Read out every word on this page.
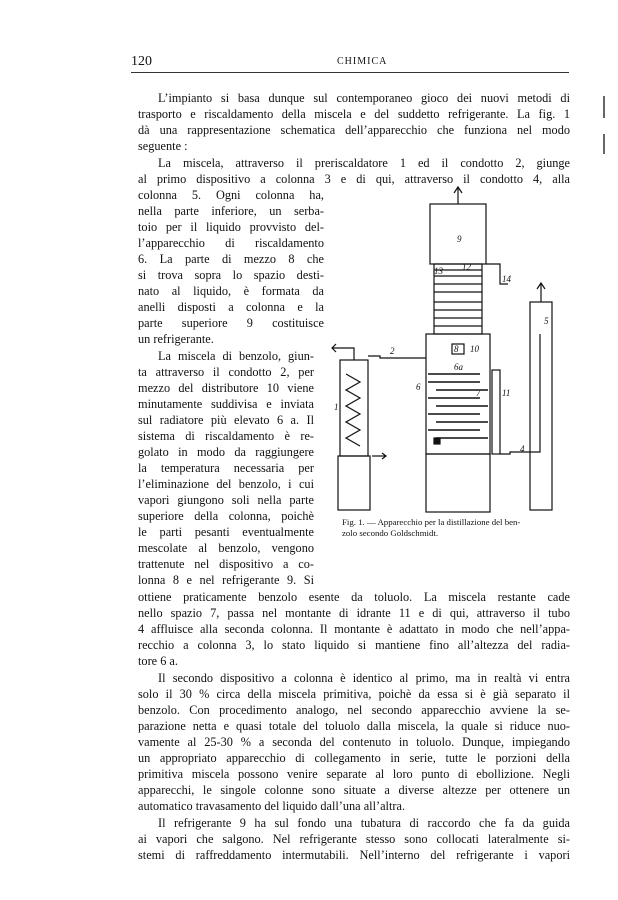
120	CHIMICA
L’impianto si basa dunque sul contemporaneo gioco dei nuovi metodi di
trasporto e riscaldamento della miscela e del suddetto refrigerante. La fig. 1
dà una rappresentazione schematica dell’apparecchio che funziona nel modo
seguente :
La miscela, attraverso il preriscaldatore 1 ed il condotto 2, giunge
al primo dispositivo a colonna 3 e di qui, attraverso il condotto 4, alla
colonna 5. Ogni colonna ha,
nella parte inferiore, un serba-
toio per il liquido provvisto del-
l’apparecchio di riscaldamento
6. La parte di mezzo 8 che
si trova sopra lo spazio desti-
nato al liquido, è formata da
anelli disposti a colonna e la
parte superiore 9 costituisce
un refrigerante.
La miscela di benzolo, giun-
ta attraverso il condotto 2, per
mezzo del distributore 10 viene
minutamente suddivisa e inviata
sul radiatore più elevato 6 a. Il
sistema di riscaldamento è re-
golato in modo da raggiungere
la temperatura necessaria per
l’eliminazione del benzolo, i cui
vapori giungono soli nella parte
superiore della colonna, poichè
le parti pesanti eventualmente
mescolate al benzolo, vengono
trattenute nel dispositivo a co-
lonna 8 e nel refrigerante 9. Si
ottiene praticamente benzolo esente da toluolo. La miscela restante cade
nello spazio 7, passa nel montante di idrante 11 e di qui, attraverso il tubo
4 affluisce alla seconda colonna. Il montante è adattato in modo che nell’appa-
recchio a colonna 3, lo stato liquido si mantiene fino all’altezza del radia-
tore 6 a.
Il secondo dispositivo a colonna è identico al primo, ma in realtà vi entra
solo il 30 % circa della miscela primitiva, poichè da essa si è già separato il
benzolo. Con procedimento analogo, nel secondo apparecchio avviene la se-
parazione netta e quasi totale del toluolo dalla miscela, la quale si riduce nuo-
vamente al 25-30 % a seconda del contenuto in toluolo. Dunque, impiegando
un appropriato apparecchio di collegamento in serie, tutte le porzioni della
primitiva miscela possono venire separate al loro punto di ebollizione. Negli
apparecchi, le singole colonne sono situate a diverse altezze per ottenere un
automatico travasamento del liquido dall’una all’altra.
Il refrigerante 9 ha sul fondo una tubatura di raccordo che fa da guida
ai vapori che salgono. Nel refrigerante stesso sono collocati lateralmente si-
stemi di raffreddamento intermutabili. Nell’interno del refrigerante i vapori
9
12
13
14
8 10
2
1
6a
6
7 11
4
5
Fig. 1. — Apparecchio per la distillazione del ben-
zolo secondo Goldschmidt.
